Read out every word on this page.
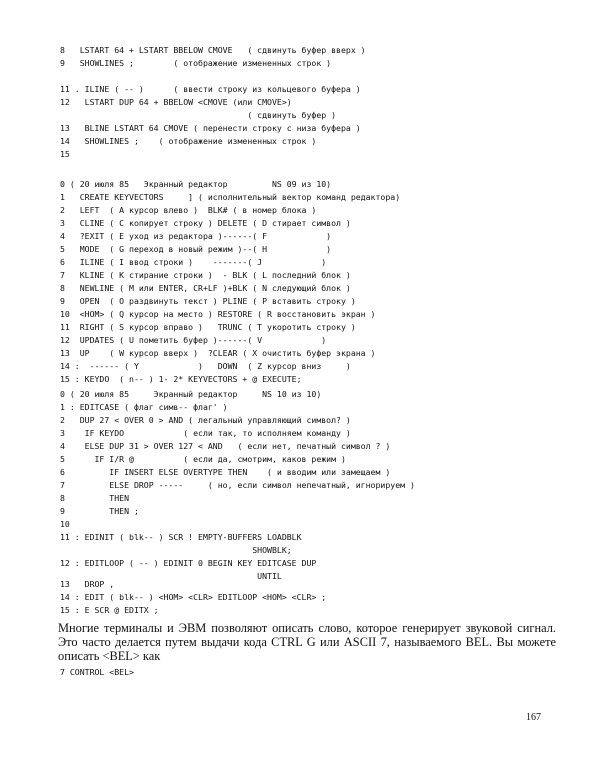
8   LSTART 64 + LSTART BBELOW CMOVE   ( сдвинуть буфер вверх )
9   SHOWLINES ;        ( отображение измененных строк )
11 . ILINE ( -- )      ( ввести строку из кольцевого буфера )
12   LSTART DUP 64 + BBELOW <CMOVE (или CMOVE>)
( сдвинуть буфер )
13   BLINE LSTART 64 CMOVE ( перенести строку с низа буфера )
14   SHOWLINES ;    ( отображение измененных строк )
15
0 ( 20 июля 85   Экранный редактор         NS 09 из 10)
1   CREATE KEYVECTORS     ] ( исполнительный вектор команд редактора)
2   LEFT  ( A курсор влево )  BLK# ( в номер блока )
3   CLINE ( C копирует строку ) DELETE ( D стирает символ )
4   ?EXIT ( E уход из редактора )------( F            )
5   MODE  ( G переход в новый режим )--( H            )
6   ILINE ( I ввод строки )    -------( J            )
7   KLINE ( K стирание строки )  - BLK ( L последний блок )
8   NEWLINE ( M или ENTER, CR+LF )+BLK ( N следующий блок )
9   OPEN  ( O раздвинуть текст ) PLINE ( P вставить строку )
10  <HOM> ( Q курсор на место ) RESTORE ( R восстановить экран )
11  RIGHT ( S курсор вправо )   TRUNC ( T укоротить строку )
12  UPDATES ( U пометить буфер )------( V            )
13  UP    ( W курсор вверх )  ?CLEAR ( X очистить буфер экрана )
14 :  ------ ( Y            )   DOWN  ( Z курсор вниз     )
15 : KEYDO  ( n-- ) 1- 2* KEYVECTORS + @ EXECUTE;
0 ( 20 июля 85     Экранный редактор     NS 10 из 10)
1 : EDITCASE ( флаг симв-- флаг' )
2   DUP 27 < OVER 0 > AND ( легальный управляющий символ? )
3    IF KEYDO            ( если так, то исполняем команду )
4    ELSE DUP 31 > OVER 127 < AND   ( если нет, печатный символ ? )
5      IF I/R @          ( если да, смотрим, каков режим )
6         IF INSERT ELSE OVERTYPE THEN    ( и вводим или замещаем )
7         ELSE DROP -----     ( но, если символ непечатный, игнорируем )
8         THEN
9         THEN ;
10
11 : EDINIT ( blk-- ) SCR ! EMPTY-BUFFERS LOADBLK
SHOWBLK;
12 : EDITLOOP ( -- ) EDINIT 0 BEGIN KEY EDITCASE DUP
UNTIL
13   DROP ,
14 : EDIT ( blk-- ) <HOM> <CLR> EDITLOOP <HOM> <CLR> ;
15 : E SCR @ EDITX ;

Многие терминалы и ЭВМ позволяют описать слово, которое генерирует звуковой сигнал. Это часто делается путем выдачи кода CTRL G или ASCII 7, называемого BEL. Вы можете описать <BEL> как

7 CONTROL <BEL>
167
